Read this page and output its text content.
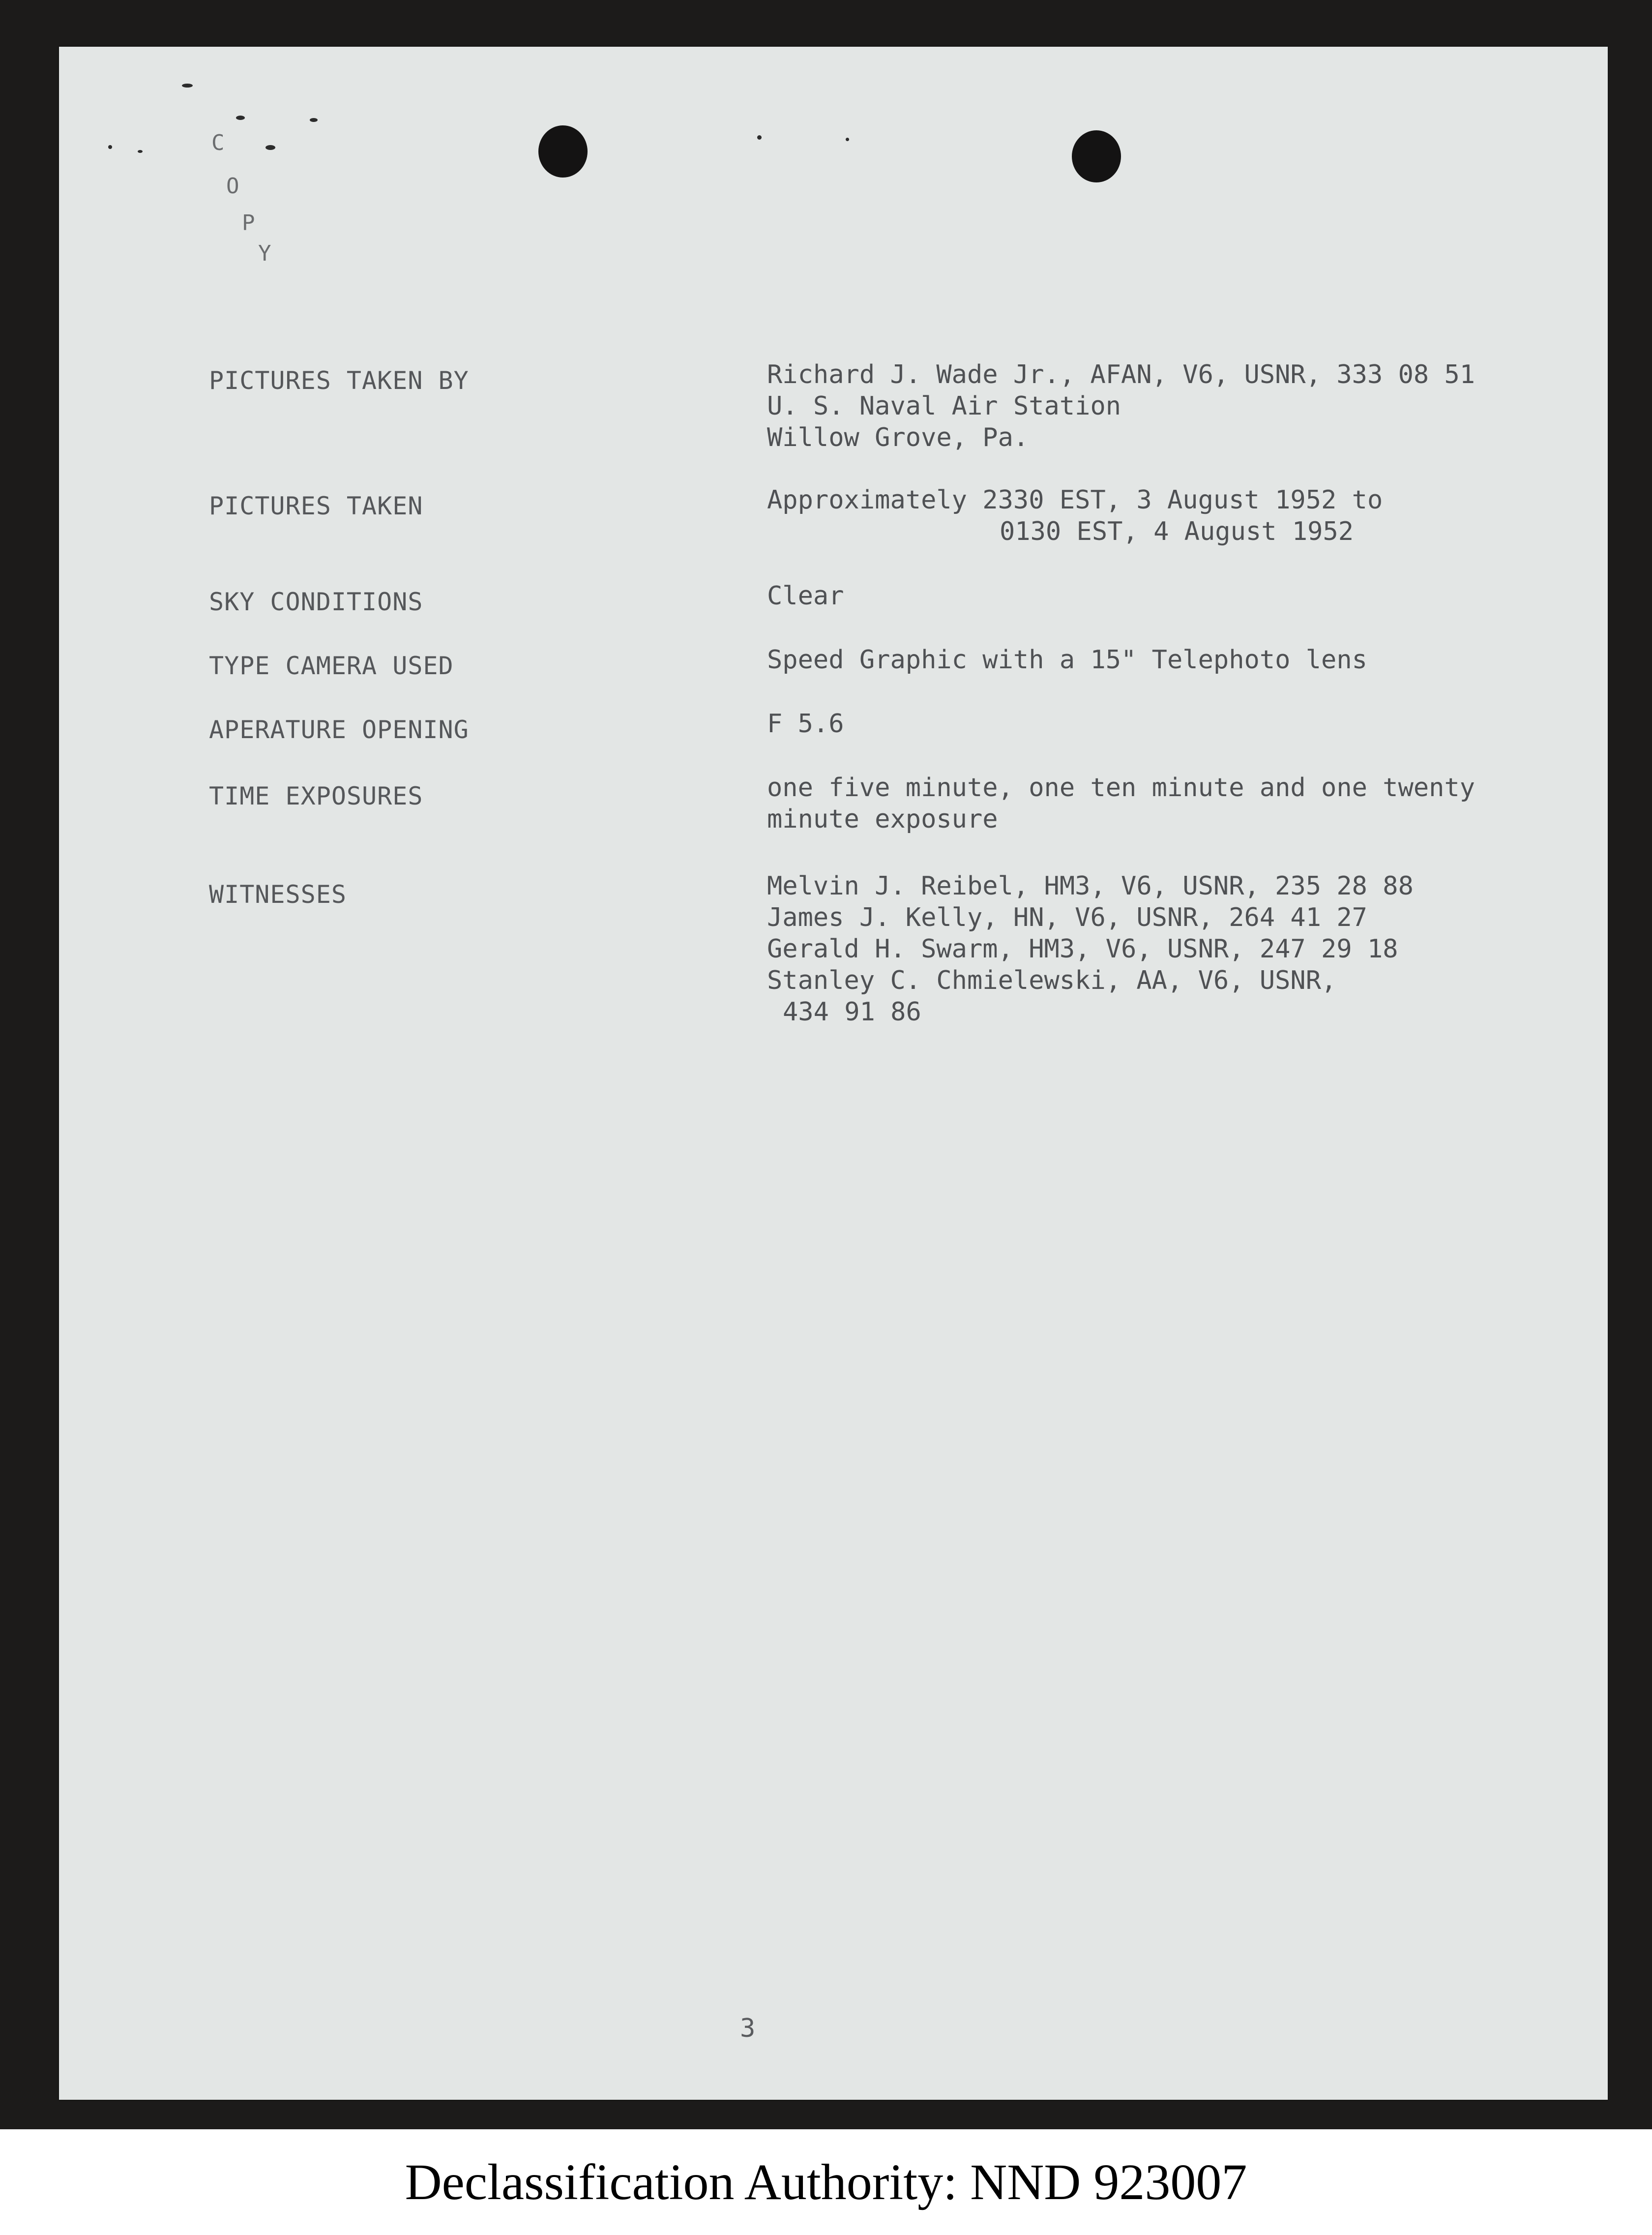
C
O
P
Y
PICTURES TAKEN BY	Richard J. Wade Jr., AFAN, V6, USNR, 333 08 51
U. S. Naval Air Station
Willow Grove, Pa.
PICTURES TAKEN	Approximately 2330 EST, 3 August 1952 to
0130 EST, 4 August 1952
SKY CONDITIONS	Clear
TYPE CAMERA USED	Speed Graphic with a 15" Telephoto lens
APERATURE OPENING	F 5.6
TIME EXPOSURES	one five minute, one ten minute and one twenty
minute exposure
WITNESSES	Melvin J. Reibel, HM3, V6, USNR, 235 28 88
James J. Kelly, HN, V6, USNR, 264 41 27
Gerald H. Swarm, HM3, V6, USNR, 247 29 18
Stanley C. Chmielewski, AA, V6, USNR,
434 91 86
3
Declassification Authority: NND 923007
